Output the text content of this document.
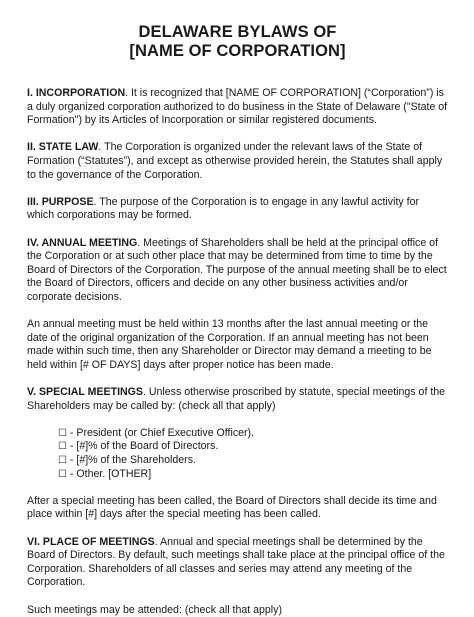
DELAWARE BYLAWS OF
[NAME OF CORPORATION]

I. INCORPORATION. It is recognized that [NAME OF CORPORATION] (“Corporation”) is a duly organized corporation authorized to do business in the State of Delaware ("State of Formation") by its Articles of Incorporation or similar registered documents.

II. STATE LAW. The Corporation is organized under the relevant laws of the State of Formation (“Statutes”), and except as otherwise provided herein, the Statutes shall apply to the governance of the Corporation.

III. PURPOSE. The purpose of the Corporation is to engage in any lawful activity for which corporations may be formed.

IV. ANNUAL MEETING. Meetings of Shareholders shall be held at the principal office of the Corporation or at such other place that may be determined from time to time by the Board of Directors of the Corporation. The purpose of the annual meeting shall be to elect the Board of Directors, officers and decide on any other business activities and/or corporate decisions.

An annual meeting must be held within 13 months after the last annual meeting or the date of the original organization of the Corporation. If an annual meeting has not been made within such time, then any Shareholder or Director may demand a meeting to be held within [# OF DAYS] days after proper notice has been made.

V. SPECIAL MEETINGS. Unless otherwise proscribed by statute, special meetings of the Shareholders may be called by: (check all that apply)

☐ - President (or Chief Executive Officer).
☐ - [#]% of the Board of Directors.
☐ - [#]% of the Shareholders.
☐ - Other. [OTHER]

After a special meeting has been called, the Board of Directors shall decide its time and place within [#] days after the special meeting has been called.

VI. PLACE OF MEETINGS. Annual and special meetings shall be determined by the Board of Directors. By default, such meetings shall take place at the principal office of the Corporation. Shareholders of all classes and series may attend any meeting of the Corporation.

Such meetings may be attended: (check all that apply)
